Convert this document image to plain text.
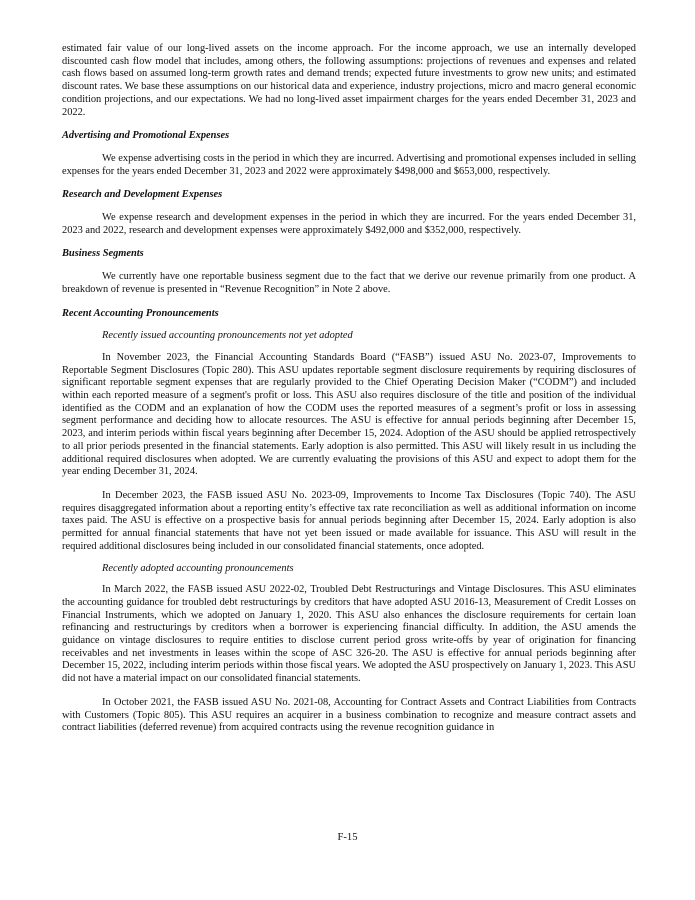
estimated fair value of our long-lived assets on the income approach. For the income approach, we use an internally developed discounted cash flow model that includes, among others, the following assumptions: projections of revenues and expenses and related cash flows based on assumed long-term growth rates and demand trends; expected future investments to grow new units; and estimated discount rates. We base these assumptions on our historical data and experience, industry projections, micro and macro general economic condition projections, and our expectations. We had no long-lived asset impairment charges for the years ended December 31, 2023 and 2022.

Advertising and Promotional Expenses

We expense advertising costs in the period in which they are incurred. Advertising and promotional expenses included in selling expenses for the years ended December 31, 2023 and 2022 were approximately $498,000 and $653,000, respectively.

Research and Development Expenses

We expense research and development expenses in the period in which they are incurred. For the years ended December 31, 2023 and 2022, research and development expenses were approximately $492,000 and $352,000, respectively.

Business Segments

We currently have one reportable business segment due to the fact that we derive our revenue primarily from one product. A breakdown of revenue is presented in “Revenue Recognition” in Note 2 above.

Recent Accounting Pronouncements

Recently issued accounting pronouncements not yet adopted

In November 2023, the Financial Accounting Standards Board (“FASB”) issued ASU No. 2023-07, Improvements to Reportable Segment Disclosures (Topic 280). This ASU updates reportable segment disclosure requirements by requiring disclosures of significant reportable segment expenses that are regularly provided to the Chief Operating Decision Maker (“CODM”) and included within each reported measure of a segment's profit or loss. This ASU also requires disclosure of the title and position of the individual identified as the CODM and an explanation of how the CODM uses the reported measures of a segment’s profit or loss in assessing segment performance and deciding how to allocate resources. The ASU is effective for annual periods beginning after December 15, 2023, and interim periods within fiscal years beginning after December 15, 2024. Adoption of the ASU should be applied retrospectively to all prior periods presented in the financial statements. Early adoption is also permitted. This ASU will likely result in us including the additional required disclosures when adopted. We are currently evaluating the provisions of this ASU and expect to adopt them for the year ending December 31, 2024.

In December 2023, the FASB issued ASU No. 2023-09, Improvements to Income Tax Disclosures (Topic 740). The ASU requires disaggregated information about a reporting entity’s effective tax rate reconciliation as well as additional information on income taxes paid. The ASU is effective on a prospective basis for annual periods beginning after December 15, 2024. Early adoption is also permitted for annual financial statements that have not yet been issued or made available for issuance. This ASU will result in the required additional disclosures being included in our consolidated financial statements, once adopted.

Recently adopted accounting pronouncements

In March 2022, the FASB issued ASU 2022-02, Troubled Debt Restructurings and Vintage Disclosures. This ASU eliminates the accounting guidance for troubled debt restructurings by creditors that have adopted ASU 2016-13, Measurement of Credit Losses on Financial Instruments, which we adopted on January 1, 2020. This ASU also enhances the disclosure requirements for certain loan refinancing and restructurings by creditors when a borrower is experiencing financial difficulty. In addition, the ASU amends the guidance on vintage disclosures to require entities to disclose current period gross write-offs by year of origination for financing receivables and net investments in leases within the scope of ASC 326-20. The ASU is effective for annual periods beginning after December 15, 2022, including interim periods within those fiscal years. We adopted the ASU prospectively on January 1, 2023. This ASU did not have a material impact on our consolidated financial statements.

In October 2021, the FASB issued ASU No. 2021-08, Accounting for Contract Assets and Contract Liabilities from Contracts with Customers (Topic 805). This ASU requires an acquirer in a business combination to recognize and measure contract assets and contract liabilities (deferred revenue) from acquired contracts using the revenue recognition guidance in

F-15
